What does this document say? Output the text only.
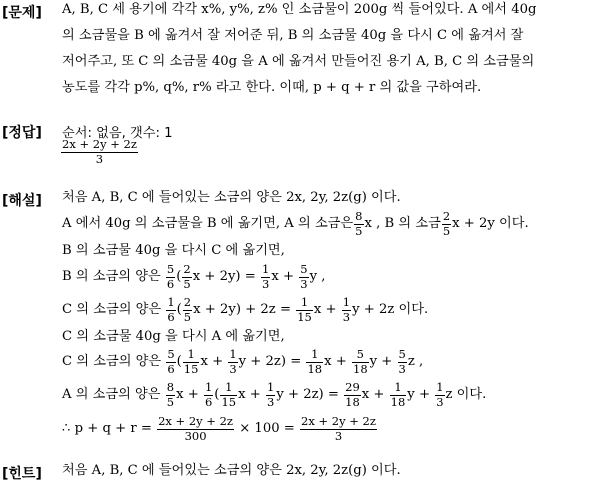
[문제] A, B, C 세 용기에 각각 x%, y%, z% 인 소금물이 200g 씩 들어있다. A 에서 40g
의 소금물을 B 에 옮겨서 잘 저어준 뒤, B 의 소금물 40g 을 다시 C 에 옮겨서 잘
저어주고, 또 C 의 소금물 40g 을 A 에 옮겨서 만들어진 용기 A, B, C 의 소금물의
농도를 각각 p%, q%, r% 라고 한다. 이때, p + q + r 의 값을 구하여라.
[정답] 순서: 없음, 갯수: 1
$\frac{2x + 2y + 2z}{3}$
[해설] 처음 A, B, C 에 들어있는 소금의 양은 2x, 2y, 2z(g) 이다.
A 에서 40g 의 소금물을 B 에 옮기면, A 의 소금은 $\frac{8}{5}$ x , B 의 소금 $\frac{2}{5}$ x + 2y 이다.
B 의 소금물 40g 을 다시 C 에 옮기면,
B 의 소금의 양은
$\frac{5}{6}$ ( $\frac{2}{5}$ x + 2y) =
$\frac{1}{3}$ x +
$\frac{5}{3}$ y ,
C 의 소금의 양은
$\frac{1}{6}$ ( $\frac{2}{5}$ x + 2y) + 2z =
$\frac{1}{15}$ x +
$\frac{1}{3}$ y + 2z 이다.
C 의 소금물 40g 을 다시 A 에 옮기면,
C 의 소금의 양은
$\frac{5}{6}$ ( $\frac{1}{15}$ x +
$\frac{1}{3}$ y + 2z) =
$\frac{1}{18}$ x +
$\frac{5}{18}$ y +
$\frac{5}{3}$ z ,
A 의 소금의 양은
$\frac{8}{5}$ x +
$\frac{1}{6}$ ( $\frac{1}{15}$ x +
$\frac{1}{3}$ y + 2z) =
$\frac{29}{18}$ x +
$\frac{1}{18}$ y +
$\frac{1}{3}$ z 이다.
∴ p + q + r =
$\frac{2x + 2y + 2z}{300}$
× 100 =
$\frac{2x + 2y + 2z}{3}$
[힌트] 처음 A, B, C 에 들어있는 소금의 양은 2x, 2y, 2z(g) 이다.
